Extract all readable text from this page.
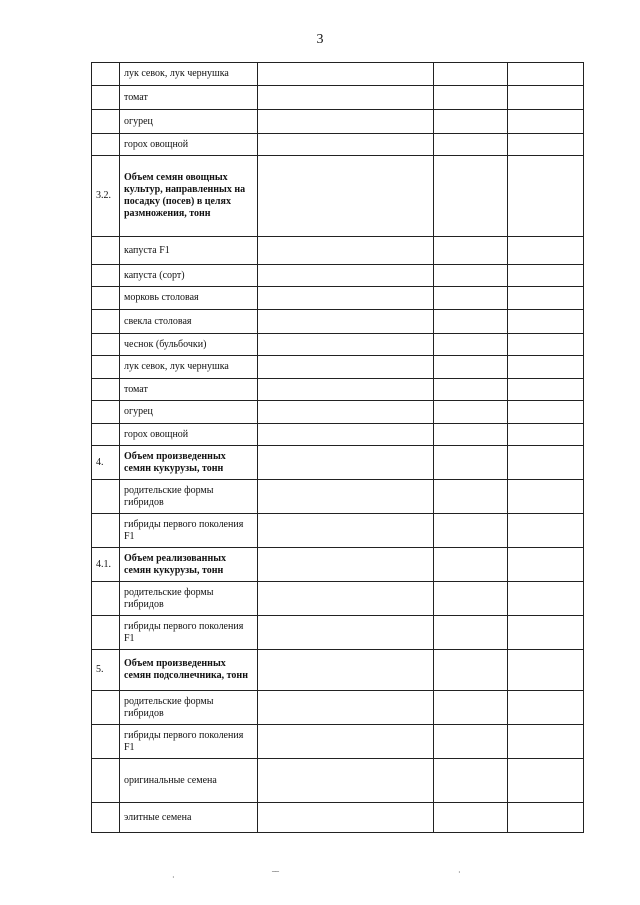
3
	лук севок, лук чернушка			
	томат			
	огурец			
	горох овощной			
3.2.	Объем семян овощных культур, направленных на посадку (посев) в целях размножения, тонн			
	капуста F1			
	капуста (сорт)			
	морковь столовая			
	свекла столовая			
	чеснок (бульбочки)			
	лук севок, лук чернушка			
	томат			
	огурец			
	горох овощной			
4.	Объем произведенных семян кукурузы, тонн			
	родительские формы гибридов			
	гибриды первого поколения F1			
4.1.	Объем реализованных семян кукурузы, тонн			
	родительские формы гибридов			
	гибриды первого поколения F1			
5.	Объем произведенных семян подсолнечника, тонн			
	родительские формы гибридов			
	гибриды первого поколения F1			
	оригинальные семена			
	элитные семена			
·
‒‒	·
